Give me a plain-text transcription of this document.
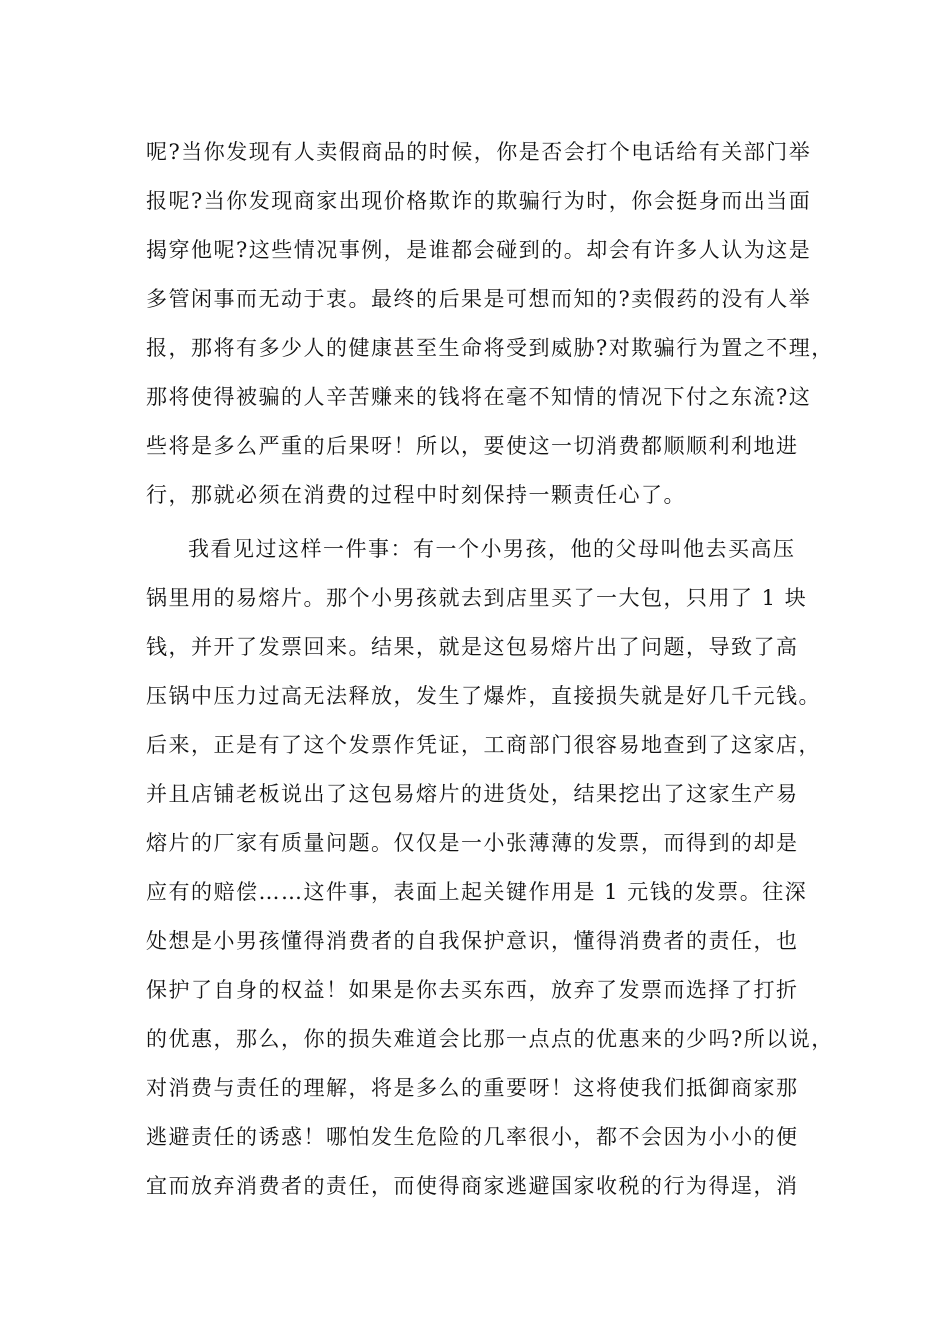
呢?当你发现有人卖假商品的时候，你是否会打个电话给有关部门举
报呢?当你发现商家出现价格欺诈的欺骗行为时，你会挺身而出当面
揭穿他呢?这些情况事例，是谁都会碰到的。却会有许多人认为这是
多管闲事而无动于衷。最终的后果是可想而知的?卖假药的没有人举
报，那将有多少人的健康甚至生命将受到威胁?对欺骗行为置之不理，
那将使得被骗的人辛苦赚来的钱将在毫不知情的情况下付之东流?这
些将是多么严重的后果呀！所以，要使这一切消费都顺顺利利地进
行，那就必须在消费的过程中时刻保持一颗责任心了。
我看见过这样一件事：有一个小男孩，他的父母叫他去买高压
锅里用的易熔片。那个小男孩就去到店里买了一大包，只用了 1 块
钱，并开了发票回来。结果，就是这包易熔片出了问题，导致了高
压锅中压力过高无法释放，发生了爆炸，直接损失就是好几千元钱。
后来，正是有了这个发票作凭证，工商部门很容易地查到了这家店，
并且店铺老板说出了这包易熔片的进货处，结果挖出了这家生产易
熔片的厂家有质量问题。仅仅是一小张薄薄的发票，而得到的却是
应有的赔偿……这件事，表面上起关键作用是 1 元钱的发票。往深
处想是小男孩懂得消费者的自我保护意识，懂得消费者的责任，也
保护了自身的权益！如果是你去买东西，放弃了发票而选择了打折
的优惠，那么，你的损失难道会比那一点点的优惠来的少吗?所以说，
对消费与责任的理解，将是多么的重要呀！这将使我们抵御商家那
逃避责任的诱惑！哪怕发生危险的几率很小，都不会因为小小的便
宜而放弃消费者的责任，而使得商家逃避国家收税的行为得逞，消
